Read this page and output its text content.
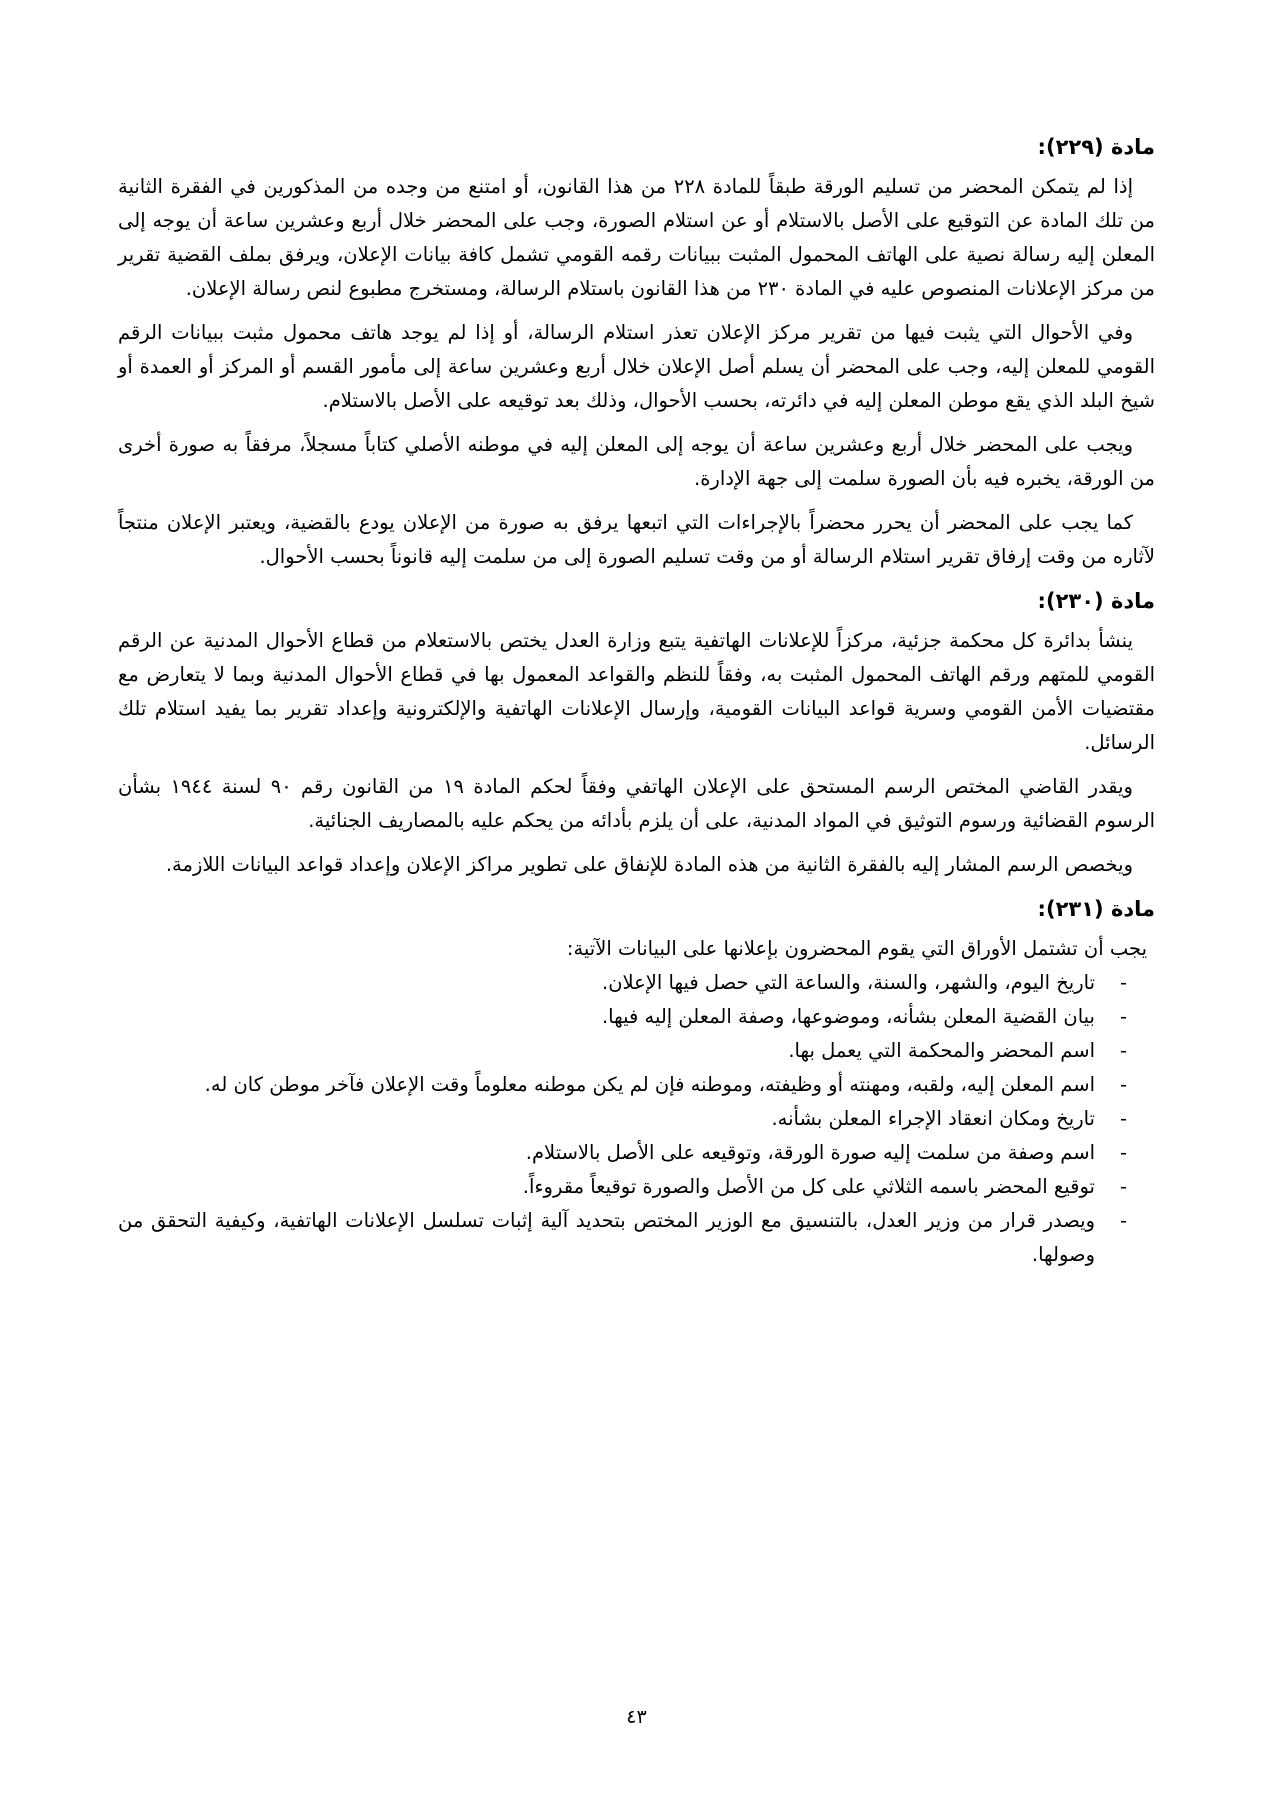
مادة (٢٢٩):

إذا لم يتمكن المحضر من تسليم الورقة طبقاً للمادة ٢٢٨ من هذا القانون، أو امتنع من وجده من المذكورين في الفقرة الثانية من تلك المادة عن التوقيع على الأصل بالاستلام أو عن استلام الصورة، وجب على المحضر خلال أربع وعشرين ساعة أن يوجه إلى المعلن إليه رسالة نصية على الهاتف المحمول المثبت ببيانات رقمه القومي تشمل كافة بيانات الإعلان، ويرفق بملف القضية تقرير من مركز الإعلانات المنصوص عليه في المادة ٢٣٠ من هذا القانون باستلام الرسالة، ومستخرج مطبوع لنص رسالة الإعلان.

وفي الأحوال التي يثبت فيها من تقرير مركز الإعلان تعذر استلام الرسالة، أو إذا لم يوجد هاتف محمول مثبت ببيانات الرقم القومي للمعلن إليه، وجب على المحضر أن يسلم أصل الإعلان خلال أربع وعشرين ساعة إلى مأمور القسم أو المركز أو العمدة أو شيخ البلد الذي يقع موطن المعلن إليه في دائرته، بحسب الأحوال، وذلك بعد توقيعه على الأصل بالاستلام.

ويجب على المحضر خلال أربع وعشرين ساعة أن يوجه إلى المعلن إليه في موطنه الأصلي كتاباً مسجلاً، مرفقاً به صورة أخرى من الورقة، يخبره فيه بأن الصورة سلمت إلى جهة الإدارة.

كما يجب على المحضر أن يحرر محضراً بالإجراءات التي اتبعها يرفق به صورة من الإعلان يودع بالقضية، ويعتبر الإعلان منتجاً لآثاره من وقت إرفاق تقرير استلام الرسالة أو من وقت تسليم الصورة إلى من سلمت إليه قانوناً بحسب الأحوال.

مادة (٢٣٠):

ينشأ بدائرة كل محكمة جزئية، مركزاً للإعلانات الهاتفية يتبع وزارة العدل يختص بالاستعلام من قطاع الأحوال المدنية عن الرقم القومي للمتهم ورقم الهاتف المحمول المثبت به، وفقاً للنظم والقواعد المعمول بها في قطاع الأحوال المدنية وبما لا يتعارض مع مقتضيات الأمن القومي وسرية قواعد البيانات القومية، وإرسال الإعلانات الهاتفية والإلكترونية وإعداد تقرير بما يفيد استلام تلك الرسائل.

ويقدر القاضي المختص الرسم المستحق على الإعلان الهاتفي وفقاً لحكم المادة ١٩ من القانون رقم ٩٠ لسنة ١٩٤٤ بشأن الرسوم القضائية ورسوم التوثيق في المواد المدنية، على أن يلزم بأدائه من يحكم عليه بالمصاريف الجنائية.

ويخصص الرسم المشار إليه بالفقرة الثانية من هذه المادة للإنفاق على تطوير مراكز الإعلان وإعداد قواعد البيانات اللازمة.

مادة (٢٣١):

يجب أن تشتمل الأوراق التي يقوم المحضرون بإعلانها على البيانات الآتية:

-
تاريخ اليوم، والشهر، والسنة، والساعة التي حصل فيها الإعلان.
-
بيان القضية المعلن بشأنه، وموضوعها، وصفة المعلن إليه فيها.
-
اسم المحضر والمحكمة التي يعمل بها.
-
اسم المعلن إليه، ولقبه، ومهنته أو وظيفته، وموطنه فإن لم يكن موطنه معلوماً وقت الإعلان فآخر موطن كان له.
-
تاريخ ومكان انعقاد الإجراء المعلن بشأنه.
-
اسم وصفة من سلمت إليه صورة الورقة، وتوقيعه على الأصل بالاستلام.
-
توقيع المحضر باسمه الثلاثي على كل من الأصل والصورة توقيعاً مقروءاً.
-
ويصدر قرار من وزير العدل، بالتنسيق مع الوزير المختص بتحديد آلية إثبات تسلسل الإعلانات الهاتفية، وكيفية التحقق من وصولها.
٤٣
